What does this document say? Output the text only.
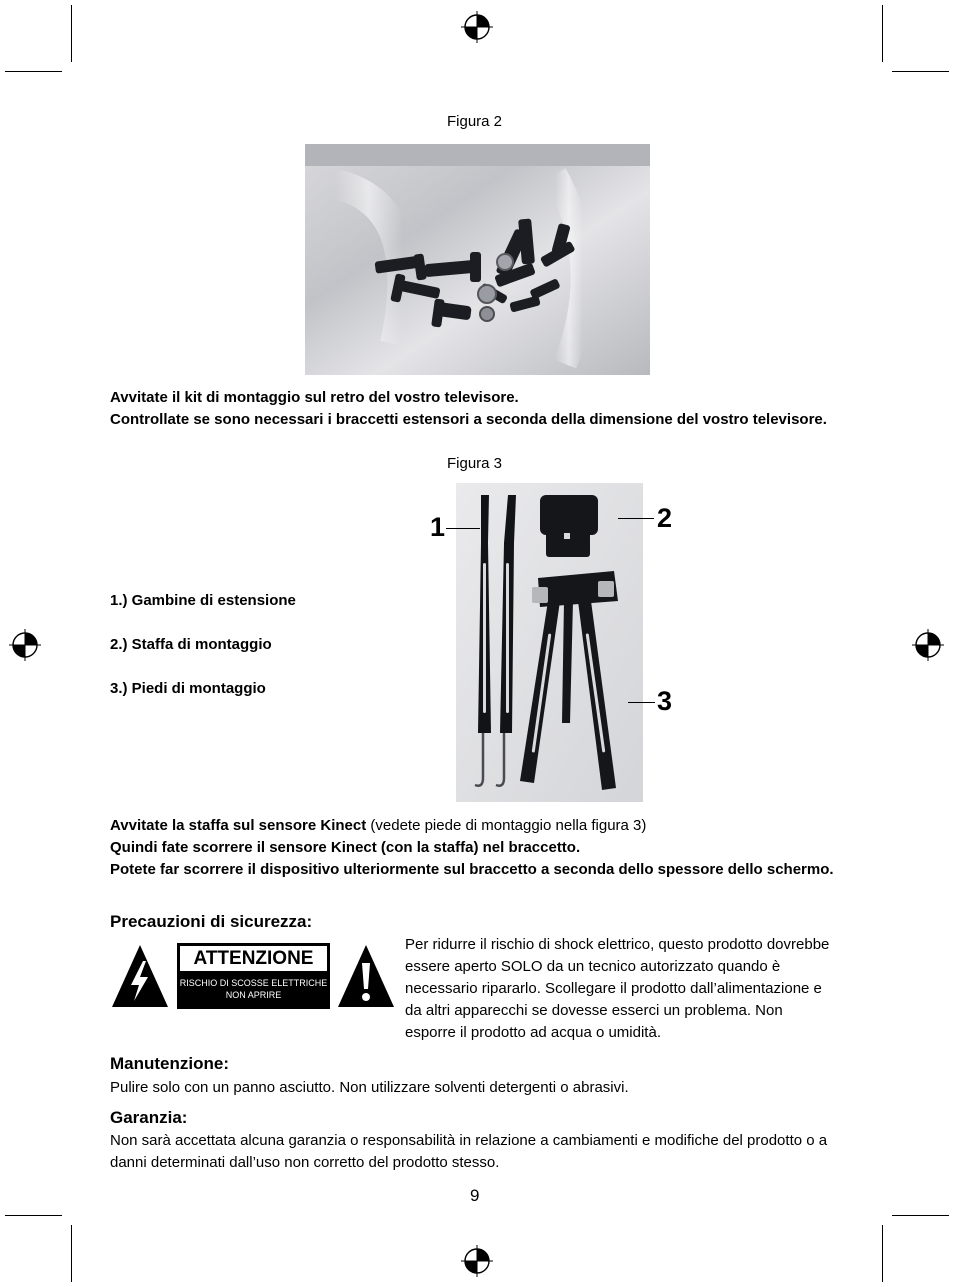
Figura 2
Avvitate il kit di montaggio sul retro del vostro televisore.
Controllate se sono necessari i braccetti estensori a seconda della dimensione del vostro televisore.
Figura 3
1	2
3
1.) Gambine di estensione
2.) Staffa di montaggio
3.) Piedi di montaggio
Avvitate la staffa sul sensore Kinect (vedete piede di montaggio nella figura 3)
Quindi fate scorrere il sensore Kinect (con la staffa) nel braccetto.
Potete far scorrere il dispositivo ulteriormente sul braccetto a seconda dello spessore dello schermo.
Precauzioni di sicurezza:
ATTENZIONE
RISCHIO DI SCOSSE ELETTRICHE
NON APRIRE
Per ridurre il rischio di shock elettrico, questo prodotto dovrebbe essere aperto SOLO da un tecnico autorizzato quando è necessario ripararlo. Scollegare il prodotto dall’alimentazione e da altri apparecchi se dovesse esserci un problema. Non esporre il prodotto ad acqua o umidità.
Manutenzione:
Pulire solo con un panno asciutto. Non utilizzare solventi detergenti o abrasivi.
Garanzia:
Non sarà accettata alcuna garanzia o responsabilità in relazione a cambiamenti e modifiche del prodotto o a danni determinati dall’uso non corretto del prodotto stesso.
9
